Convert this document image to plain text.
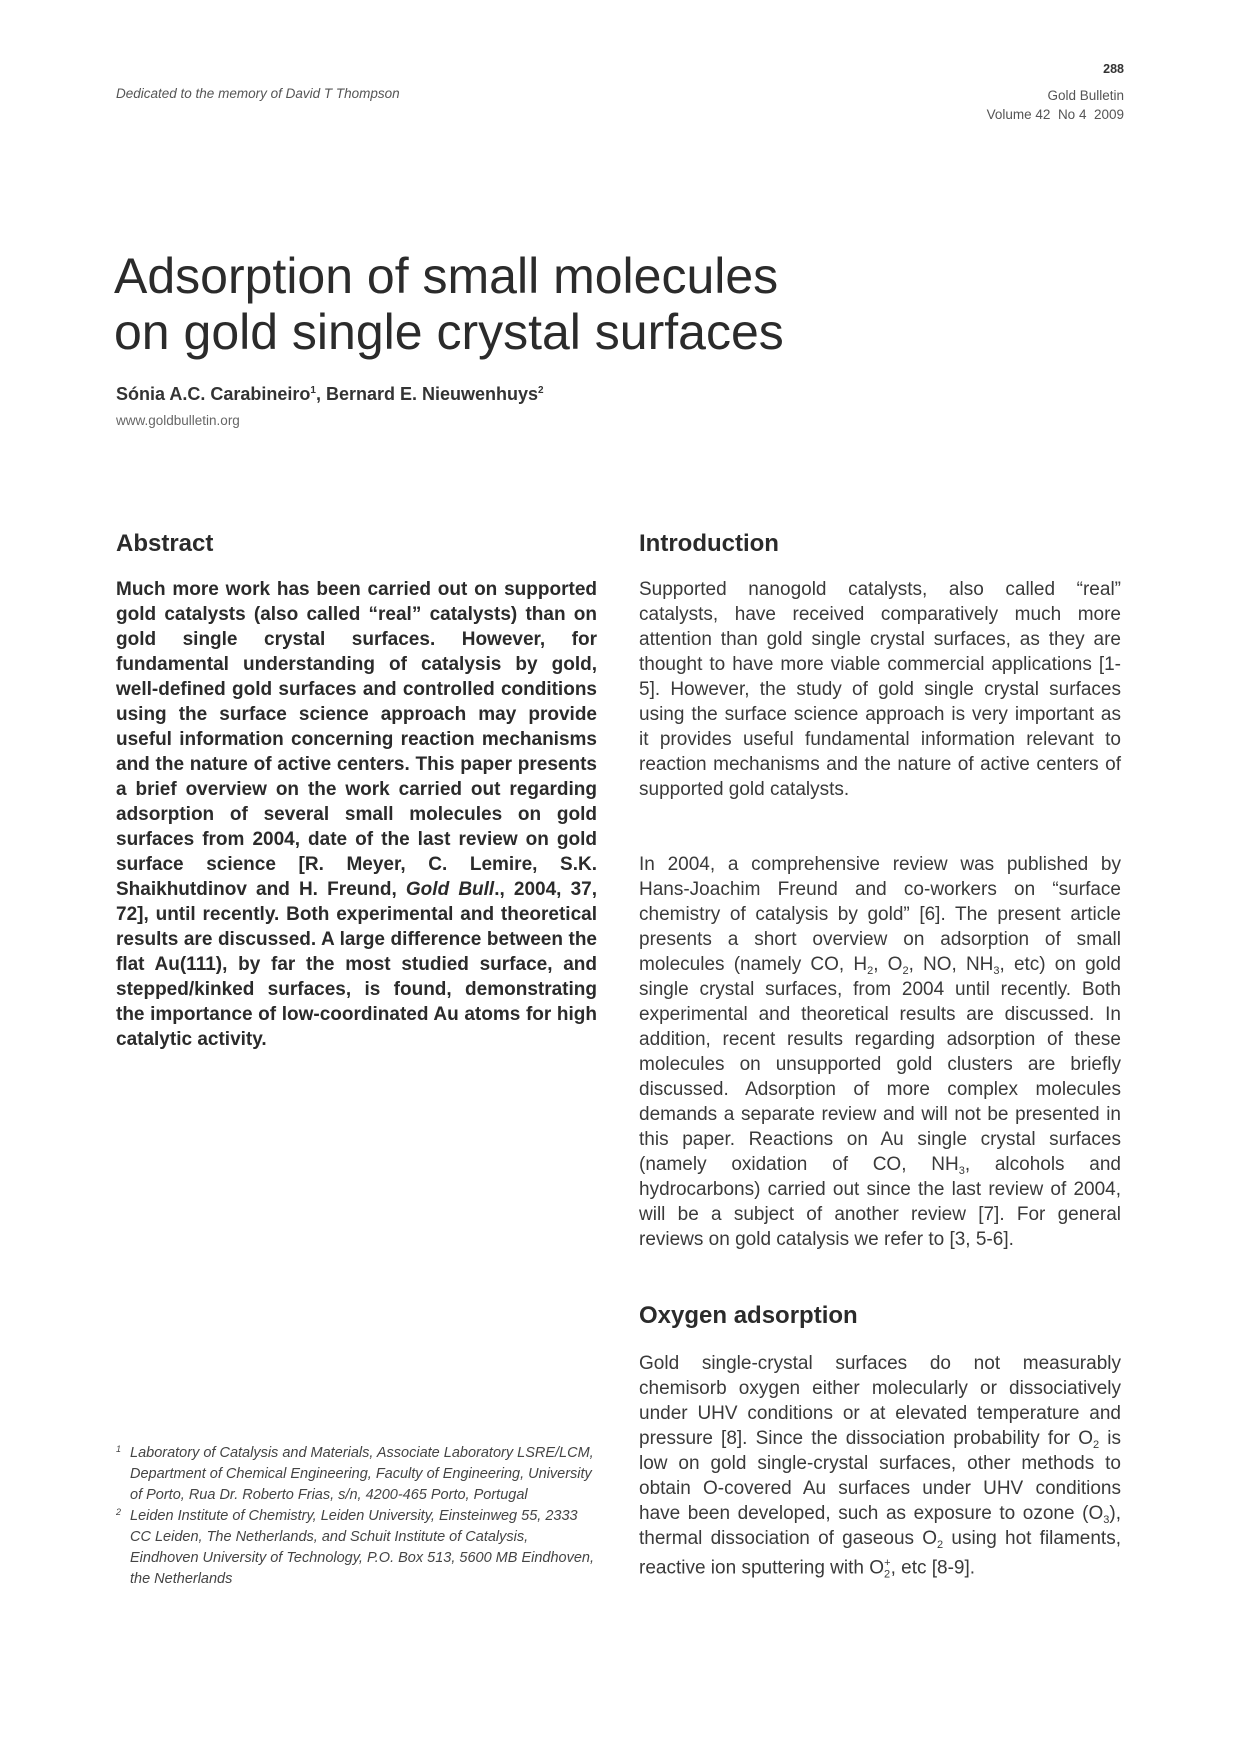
Dedicated to the memory of David T Thompson
288
Gold Bulletin
Volume 42  No 4  2009
Adsorption of small molecules
on gold single crystal surfaces
Sónia A.C. Carabineiro$^1$, Bernard E. Nieuwenhuys$^2$
www.goldbulletin.org
Abstract
Much more work has been carried out on supported gold catalysts (also called “real” catalysts) than on gold single crystal surfaces. However, for fundamental understanding of catalysis by gold, well-defined gold surfaces and controlled conditions using the surface science approach may provide useful information concerning reaction mechanisms and the nature of active centers. This paper presents a brief overview on the work carried out regarding adsorption of several small molecules on gold surfaces from 2004, date of the last review on gold surface science [R. Meyer, C. Lemire, S.K. Shaikhutdinov and H. Freund, Gold Bull., 2004, 37, 72], until recently. Both experimental and theoretical results are discussed. A large difference between the flat Au(111), by far the most studied surface, and stepped/kinked surfaces, is found, demonstrating the importance of low-coordinated Au atoms for high catalytic activity.
Introduction
Supported nanogold catalysts, also called “real” catalysts, have received comparatively much more attention than gold single crystal surfaces, as they are thought to have more viable commercial applications [1-5]. However, the study of gold single crystal surfaces using the surface science approach is very important as it provides useful fundamental information relevant to reaction mechanisms and the nature of active centers of supported gold catalysts.
In 2004, a comprehensive review was published by Hans-Joachim Freund and co-workers on “surface chemistry of catalysis by gold” [6]. The present article presents a short overview on adsorption of small molecules (namely CO, $H_2$, $O_2$, NO, $NH_3$, etc) on gold single crystal surfaces, from 2004 until recently. Both experimental and theoretical results are discussed. In addition, recent results regarding adsorption of these molecules on unsupported gold clusters are briefly discussed. Adsorption of more complex molecules demands a separate review and will not be presented in this paper. Reactions on Au single crystal surfaces (namely oxidation of CO, $NH_3$, alcohols and hydrocarbons) carried out since the last review of 2004, will be a subject of another review [7]. For general reviews on gold catalysis we refer to [3, 5-6].
Oxygen adsorption
Gold single-crystal surfaces do not measurably chemisorb oxygen either molecularly or dissociatively under UHV conditions or at elevated temperature and pressure [8]. Since the dissociation probability for $O_2$ is low on gold single-crystal surfaces, other methods to obtain O-covered Au surfaces under UHV conditions have been developed, such as exposure to ozone $(O_3)$, thermal dissociation of gaseous $O_2$ using hot filaments, reactive ion sputtering with $O_2^+$, etc [8-9].
1 Laboratory of Catalysis and Materials, Associate Laboratory LSRE/LCM, Department of Chemical Engineering, Faculty of Engineering, University of Porto, Rua Dr. Roberto Frias, s/n, 4200-465 Porto, Portugal
2 Leiden Institute of Chemistry, Leiden University, Einsteinweg 55, 2333 CC Leiden, The Netherlands, and Schuit Institute of Catalysis, Eindhoven University of Technology, P.O. Box 513, 5600 MB Eindhoven, the Netherlands
